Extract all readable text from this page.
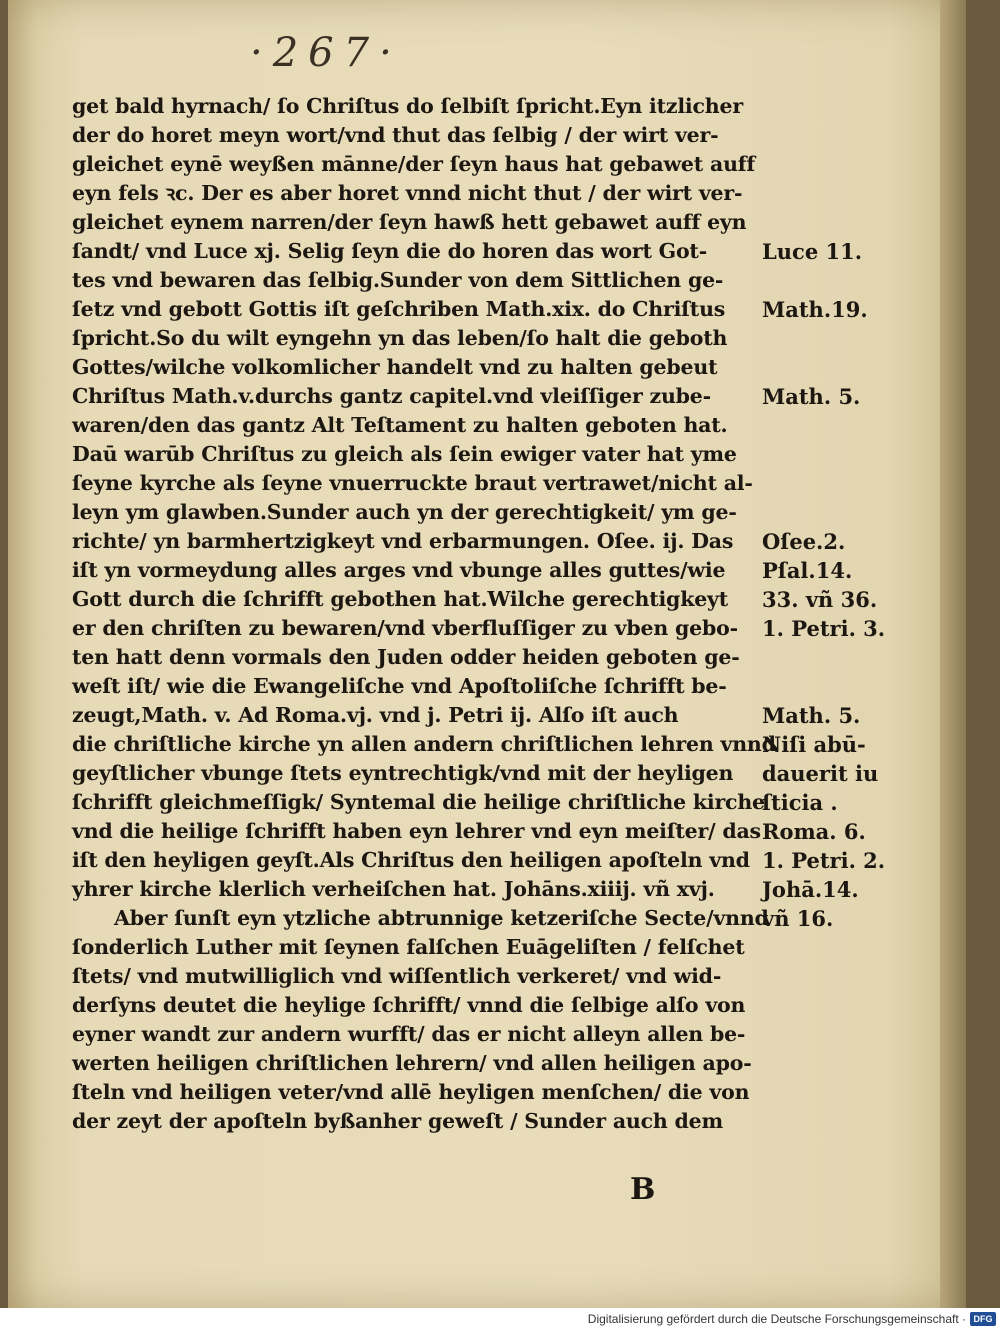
·267·
get bald hyrnach/ ſo Chriſtus do ſelbiſt ſpricht.Eyn itzlicher
der do horet meyn wort/vnd thut das ſelbig / der wirt ver-
gleichet eynē weyßen mānne/der ſeyn haus hat gebawet auff
eyn fels ꝛc. Der es aber horet vnnd nicht thut / der wirt ver-
gleichet eynem narren/der ſeyn hawß hett gebawet auff eyn
ſandt/ vnd Luce xj. Selig ſeyn die do horen das wort Got-
tes vnd bewaren das ſelbig.Sunder von dem Sittlichen ge-
ſetz vnd gebott Gottis iſt geſchriben Math.xix. do Chriſtus
ſpricht.So du wilt eyngehn yn das leben/ſo halt die geboth
Gottes/wilche volkomlicher handelt vnd zu halten gebeut
Chriſtus Math.v.durchs gantz capitel.vnd vleiſſiger zube-
waren/den das gantz Alt Teſtament zu halten geboten hat.
Daū warūb Chriſtus zu gleich als ſein ewiger vater hat yme
ſeyne kyrche als ſeyne vnuerruckte braut vertrawet/nicht al-
leyn ym glawben.Sunder auch yn der gerechtigkeit/ ym ge-
richte/ yn barmhertzigkeyt vnd erbarmungen. Oſee. ij. Das
iſt yn vormeydung alles arges vnd vbunge alles guttes/wie
Gott durch die ſchrifft gebothen hat.Wilche gerechtigkeyt
er den chriſten zu bewaren/vnd vberfluſſiger zu vben gebo-
ten hatt denn vormals den Juden odder heiden geboten ge-
weſt iſt/ wie die Ewangeliſche vnd Apoſtoliſche ſchrifft be-
zeugt,Math. v. Ad Roma.vj. vnd j. Petri ij. Alſo iſt auch
die chriſtliche kirche yn allen andern chriſtlichen lehren vnnd
geyſtlicher vbunge ſtets eyntrechtigk/vnd mit der heyligen
ſchrifft gleichmeſſigk/ Syntemal die heilige chriſtliche kirche
vnd die heilige ſchrifft haben eyn lehrer vnd eyn meiſter/ das
iſt den heyligen geyſt.Als Chriſtus den heiligen apoſteln vnd
yhrer kirche klerlich verheiſchen hat. Johāns.xiiij. vñ xvj.
Aber ſunſt eyn ytzliche abtrunnige ketzeriſche Secte/vnnd
ſonderlich Luther mit ſeynen falſchen Euāgeliſten / felſchet
ſtets/ vnd mutwilliglich vnd wiſſentlich verkeret/ vnd wid-
derſyns deutet die heylige ſchrifft/ vnnd die ſelbige alſo von
eyner wandt zur andern wurfft/ das er nicht alleyn allen be-
werten heiligen chriſtlichen lehrern/ vnd allen heiligen apo-
ſteln vnd heiligen veter/vnd allē heyligen menſchen/ die von
der zeyt der apoſteln byßanher geweſt / Sunder auch dem
Luce 11.
Math.19.
Math. 5.
Oſee.2.
Pſal.14.
33. vñ 36.
1. Petri. 3.
Math. 5.
Niſi abū-
dauerit iu
ſticia .
Roma. 6.
1. Petri. 2.
Johā.14.
vñ 16.
B
Digitalisierung gefördert durch die Deutsche Forschungsgemeinschaft · DFG
